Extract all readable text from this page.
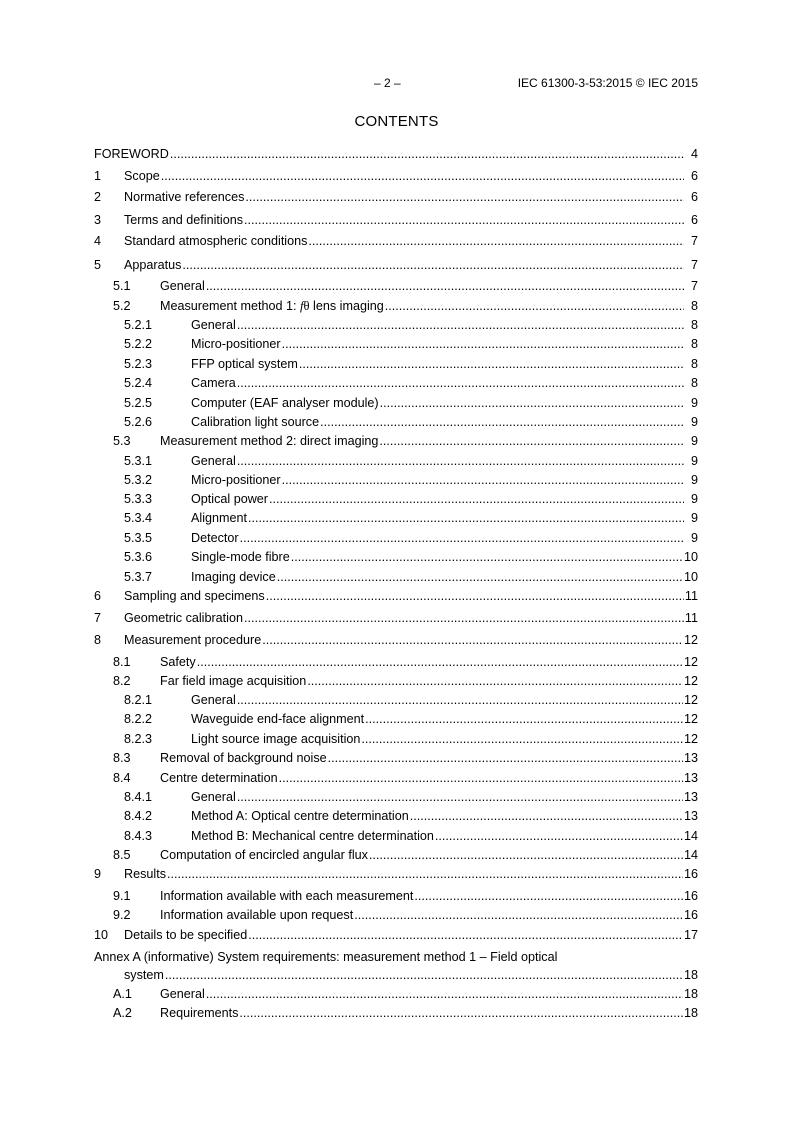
– 2 –	IEC 61300-3-53:2015 © IEC 2015
CONTENTS
FOREWORD .....	4
1 Scope .....	6
2 Normative references .....	6
3 Terms and definitions .....	6
4 Standard atmospheric conditions .....	7
5 Apparatus .....	7
5.1 General .....	7
5.2 Measurement method 1: fθ lens imaging .....	8
5.2.1	General .....	8
5.2.2	Micro-positioner .....	8
5.2.3	FFP optical system .....	8
5.2.4	Camera .....	8
5.2.5	Computer (EAF analyser module) .....	9
5.2.6	Calibration light source .....	9
5.3 Measurement method 2: direct imaging .....	9
5.3.1	General .....	9
5.3.2	Micro-positioner .....	9
5.3.3	Optical power .....	9
5.3.4	Alignment .....	9
5.3.5	Detector .....	9
5.3.6	Single-mode fibre .....	10
5.3.7	Imaging device .....	10
6 Sampling and specimens .....	11
7 Geometric calibration .....	11
8 Measurement procedure .....	12
8.1 Safety .....	12
8.2 Far field image acquisition .....	12
8.2.1	General .....	12
8.2.2	Waveguide end-face alignment .....	12
8.2.3	Light source image acquisition .....	12
8.3 Removal of background noise .....	13
8.4 Centre determination .....	13
8.4.1	General .....	13
8.4.2	Method A: Optical centre determination .....	13
8.4.3	Method B: Mechanical centre determination .....	14
8.5 Computation of encircled angular flux .....	14
9 Results .....	16
9.1 Information available with each measurement .....	16
9.2 Information available upon request .....	16
10 Details to be specified .....	17
Annex A (informative) System requirements: measurement method 1 – Field optical
system .....	18
A.1 General .....	18
A.2 Requirements .....	18
